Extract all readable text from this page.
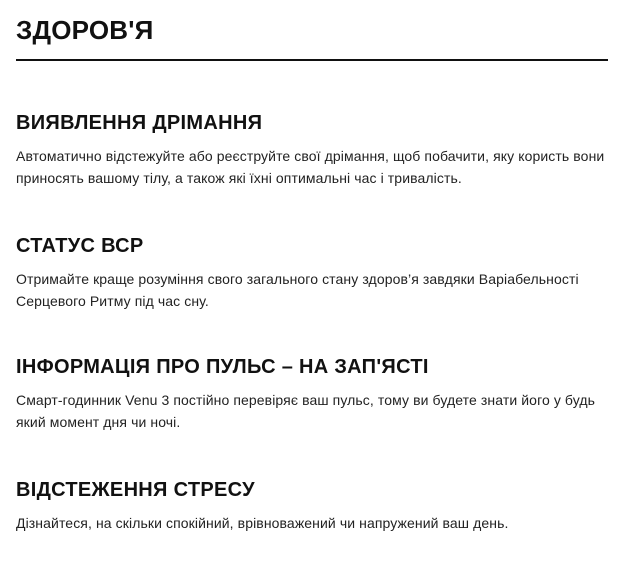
ЗДОРОВ'Я
ВИЯВЛЕННЯ ДРІМАННЯ

Автоматично відстежуйте або реєструйте свої дрімання, щоб побачити, яку користь вони приносять вашому тілу, а також які їхні оптимальні час і тривалість.

СТАТУС ВСР

Отримайте краще розуміння свого загального стану здоров’я завдяки Варіабельності Серцевого Ритму під час сну.

ІНФОРМАЦІЯ ПРО ПУЛЬС – НА ЗАП'ЯСТІ

Смарт-годинник Venu 3 постійно перевіряє ваш пульс, тому ви будете знати його у будь який момент дня чи ночі.

ВІДСТЕЖЕННЯ СТРЕСУ

Дізнайтеся, на скільки спокійний, врівноважений чи напружений ваш день.
